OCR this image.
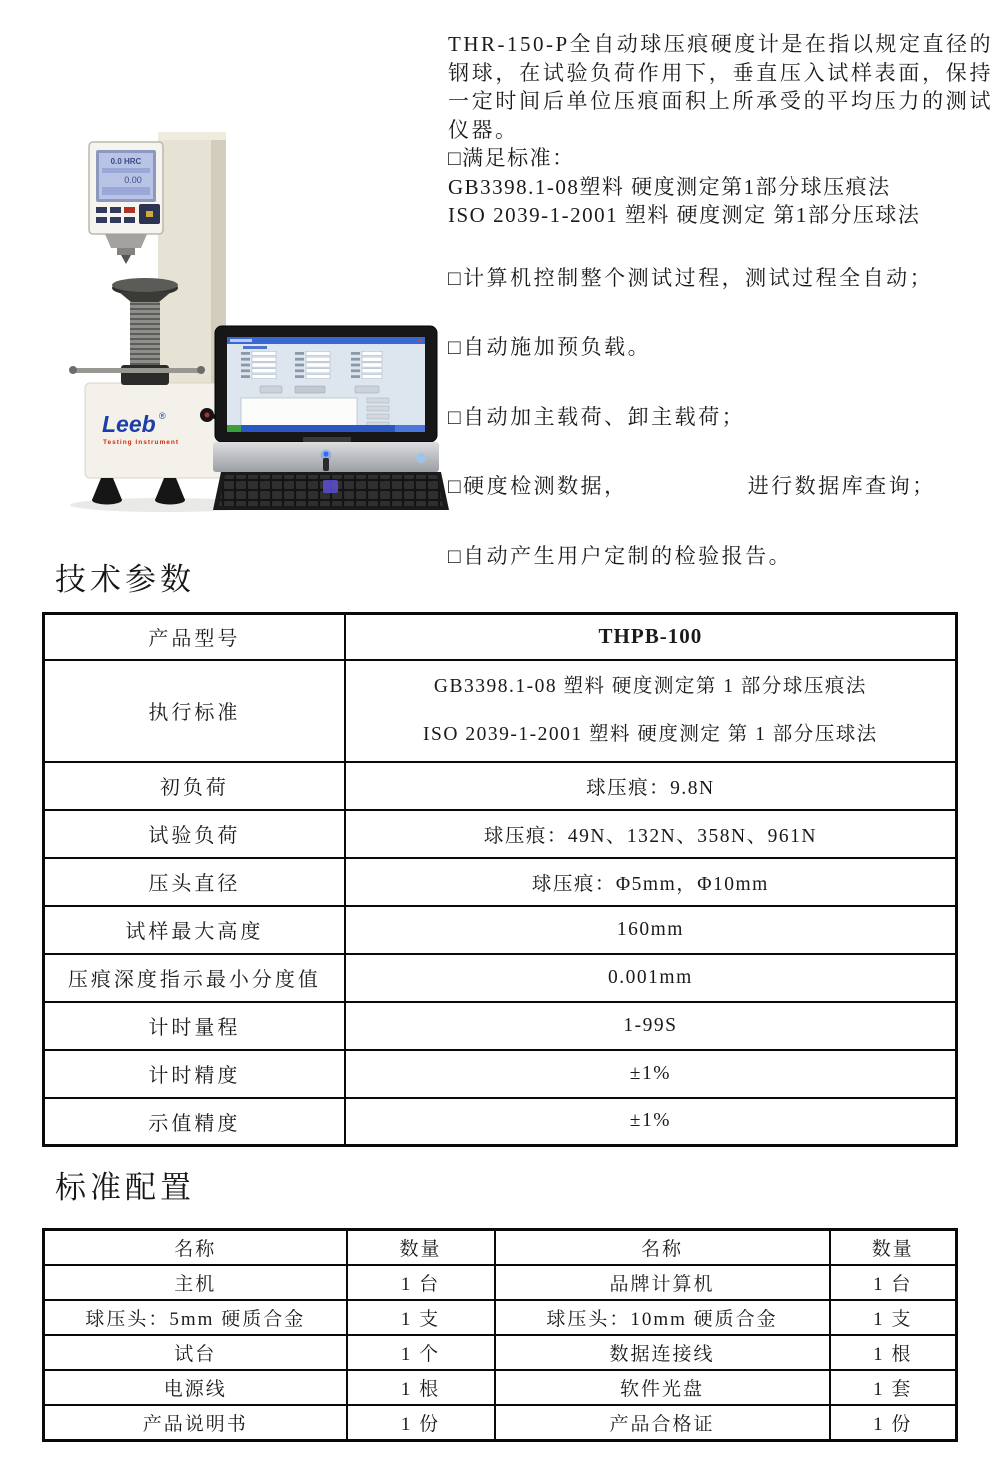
0.0 HRC
0.00
Leeb ®
Testing Instrument

THR-150-P全自动球压痕硬度计是在指以规定直径的钢球，在试验负荷作用下，垂直压入试样表面，保持一定时间后单位压痕面积上所承受的平均压力的测试仪器。

□满足标准：
GB3398.1-08塑料 硬度测定第1部分球压痕法
ISO 2039-1-2001 塑料 硬度测定 第1部分压球法
□计算机控制整个测试过程，测试过程全自动；
□自动施加预负载。
□自动加主载荷、卸主载荷；
□硬度检测数据，	进行数据库查询；
□自动产生用户定制的检验报告。
技术参数
产品型号	THPB-100
执行标准	GB3398.1-08 塑料 硬度测定第 1 部分球压痕法
ISO 2039-1-2001 塑料 硬度测定 第 1 部分压球法

初负荷	球压痕：9.8N
试验负荷	球压痕：49N、132N、358N、961N
压头直径	球压痕：Φ5mm，Φ10mm
试样最大高度	160mm
压痕深度指示最小分度值	0.001mm
计时量程	1-99S
计时精度	±1%
示值精度	±1%
标准配置
名称	数量	名称	数量
主机	1 台	品牌计算机	1 台
球压头：5mm 硬质合金	1 支	球压头：10mm 硬质合金	1 支
试台	1 个	数据连接线	1 根
电源线	1 根	软件光盘	1 套
产品说明书	1 份	产品合格证	1 份
